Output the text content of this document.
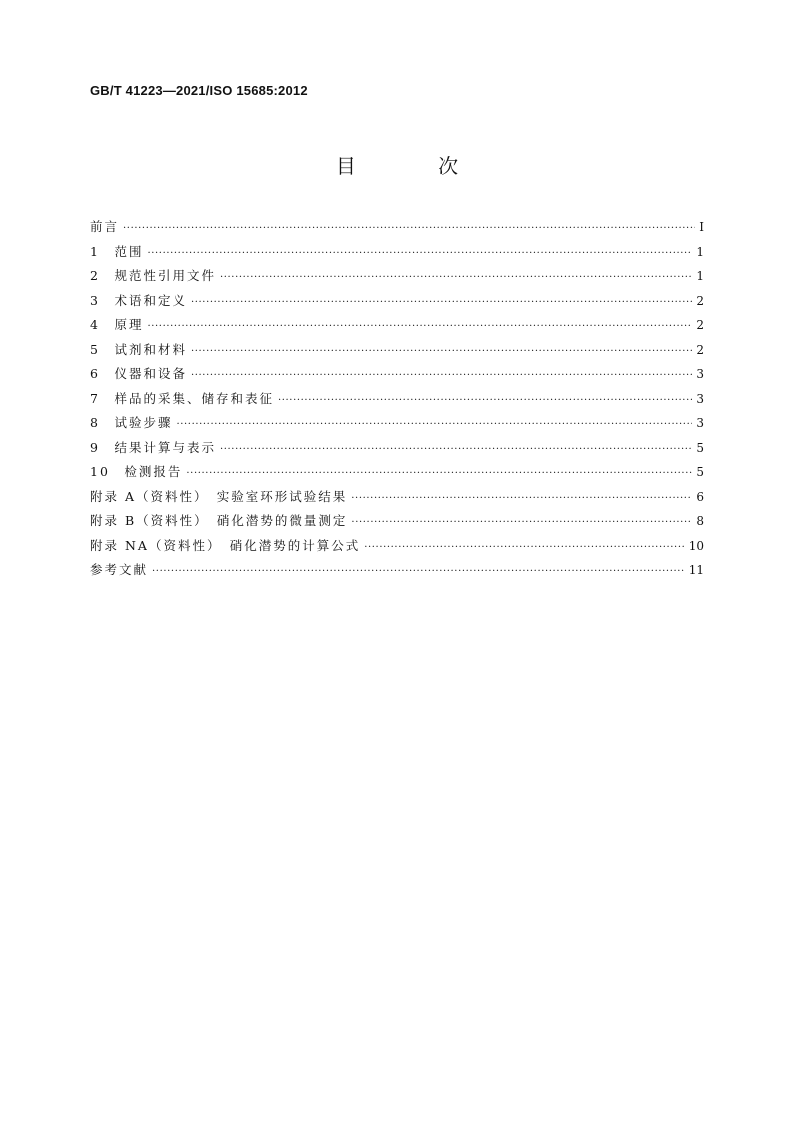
GB/T 41223—2021/ISO 15685:2012
目 次
前言 ·····	Ⅰ
1　范围 ·····	1
2　规范性引用文件 ·····	1
3　术语和定义 ·····	2
4　原理 ·····	2
5　试剂和材料 ·····	2
6　仪器和设备 ·····	3
7　样品的采集、储存和表征 ·····	3
8　试验步骤 ·····	3
9　结果计算与表示 ·····	5
10　检测报告 ·····	5
附录 A（资料性）　实验室环形试验结果 ·····	6
附录 B（资料性）　硝化潜势的微量测定 ·····	8
附录 NA（资料性）　硝化潜势的计算公式 ·····	10
参考文献 ·····	11
